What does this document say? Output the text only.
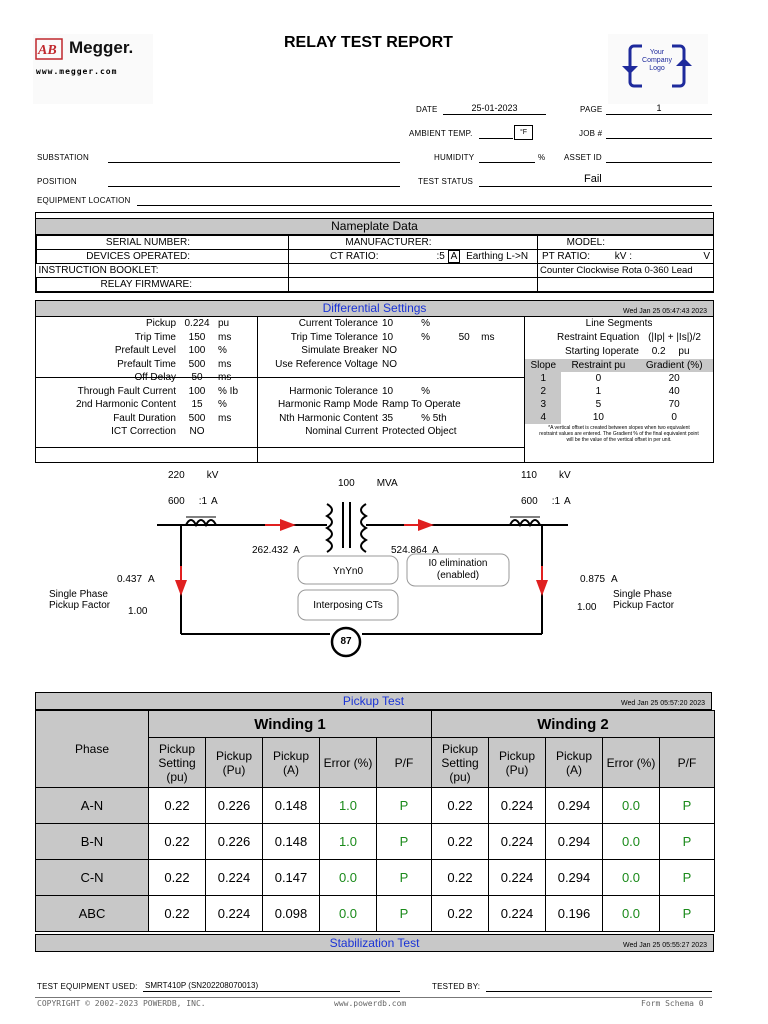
AB Megger.
www.megger.com
RELAY TEST REPORT
Your
Company
Logo
DATE	25-01-2023	PAGE	1
AMBIENT TEMP.	°F	JOB #
SUBSTATION	HUMIDITY	% ASSET ID
POSITION	TEST STATUS	Fail
EQUIPMENT LOCATION
Nameplate Data
SERIAL NUMBER:	MANUFACTURER:		MODEL:
DEVICES OPERATED:	CT RATIO:	:5 A Earthing L->N	PT RATIO: kV : V

INSTRUCTION BOOKLET:			Counter Clockwise Rota 0-360 Lead
RELAY FIRMWARE:			
Differential Settings	Wed Jan 25 05:47:43 2023
Pickup	0.224	pu
Trip Time	150	ms
Prefault Level	100	%
Prefault Time	500	ms
Off Delay	50	ms
Through Fault Current	100	% Ib
2nd Harmonic Content	15	%
Fault Duration	500	ms
ICT Correction	NO	
Current Tolerance	10	%		
Trip Time Tolerance	10	%	50	ms
Simulate Breaker	NO			
Use Reference Voltage	NO			

Harmonic Tolerance	10	%		
Harmonic Ramp Mode	Ramp To Operate			
Nth Harmonic Content	35	% 5th		
Nominal Current	Protected Object			
Line Segments
Restraint Equation (|Ip| + |Is|)/2
Starting Ioperate 0.2 pu
Slope	Restraint pu	Gradient (%)
1	0	20
2	1	40
3	5	70
4	10	0
*A vertical offset is created between slopes when two equivalent restraint values are entered. The Gradient % of the final equivalent point will be the value of the vertical offset in per unit.
220 kV
600 :1 A
100 MVA
110 kV
600 :1 A
262.432 A	524.864 A
YnYn0
I0 elimination
(enabled)
Interposing CTs
87
0.437 A
Single Phase
Pickup Factor
1.00
0.875 A
Single Phase
Pickup Factor
1.00
Pickup Test	Wed Jan 25 05:57:20 2023
Phase	Winding 1					Winding 2				
	Pickup Setting (pu)	Pickup (Pu)	Pickup (A)	Error (%)	P/F	Pickup Setting (pu)	Pickup (Pu)	Pickup (A)	Error (%)	P/F
A-N	0.22	0.226	0.148	1.0	P	0.22	0.224	0.294	0.0	P
B-N	0.22	0.226	0.148	1.0	P	0.22	0.224	0.294	0.0	P
C-N	0.22	0.224	0.147	0.0	P	0.22	0.224	0.294	0.0	P
ABC	0.22	0.224	0.098	0.0	P	0.22	0.224	0.196	0.0	P
Stabilization Test	Wed Jan 25 05:55:27 2023
TEST EQUIPMENT USED: SMRT410P (SN202208070013)	TESTED BY:
COPYRIGHT © 2002-2023 POWERDB, INC.	www.powerdb.com	Form Schema 0
